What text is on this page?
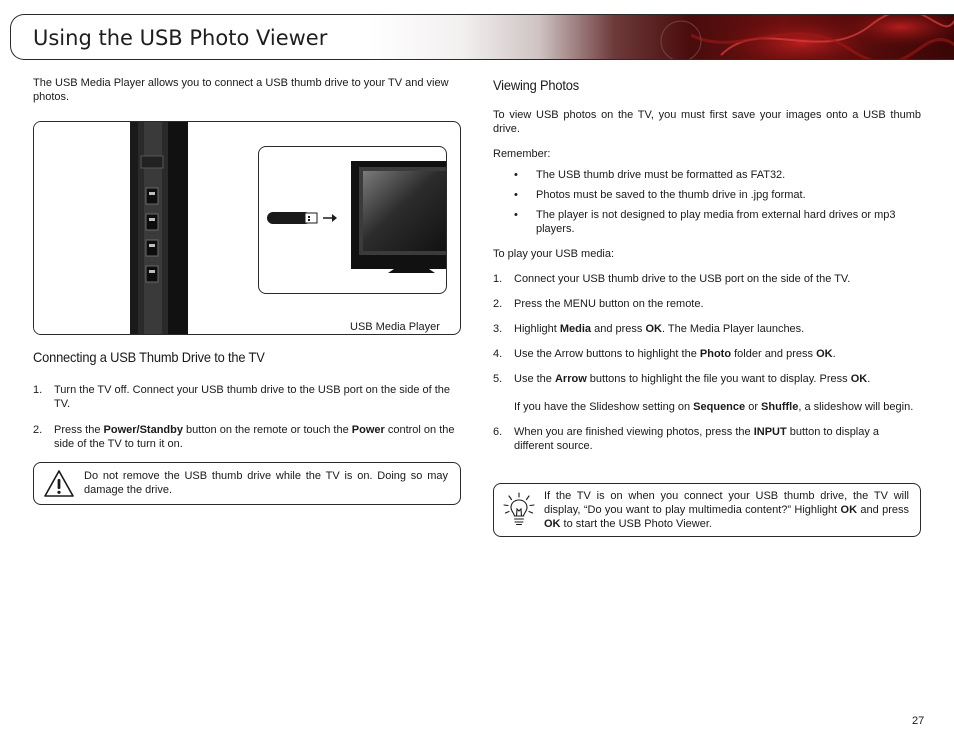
Using the USB Photo Viewer

The USB Media Player allows you to connect a USB thumb drive to your TV and view photos.

USB Media Player
Connecting a USB Thumb Drive to the TV
1.	Turn the TV off. Connect your USB thumb drive to the USB port on the side of the TV.
2.	Press the Power/Standby button on the remote or touch the Power control on the side of the TV to turn it on.
Do not remove the USB thumb drive while the TV is on. Doing so may damage the drive.
Viewing Photos

To view USB photos on the TV, you must first save your images onto a USB thumb drive.

Remember:

•	The USB thumb drive must be formatted as FAT32.
•	Photos must be saved to the thumb drive in .jpg format.
•	The player is not designed to play media from external hard drives or mp3 players.

To play your USB media:

1.	Connect your USB thumb drive to the USB port on the side of the TV.
2.	Press the MENU button on the remote.
3.	Highlight Media and press OK. The Media Player launches.
4.	Use the Arrow buttons to highlight the Photo folder and press OK.
5.	Use the Arrow buttons to highlight the file you want to display. Press OK.
If you have the Slideshow setting on Sequence or Shuffle, a slideshow will begin.
6.	When you are finished viewing photos, press the INPUT button to display a different source.
If the TV is on when you connect your USB thumb drive, the TV will display, “Do you want to play multimedia content?” Highlight OK and press OK to start the USB Photo Viewer.
27
